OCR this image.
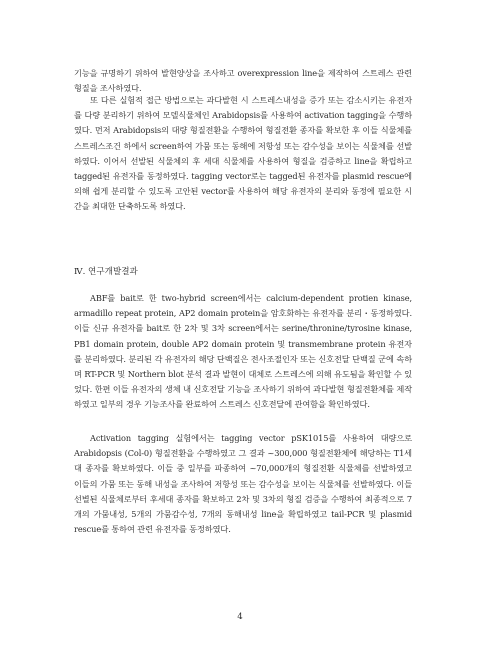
기능을 규명하기 위하여 발현양상을 조사하고 overexpression line을 제작하여 스트레스 관련 형질을 조사하였다.

또 다른 실험적 접근 방법으로는 과다발현 시 스트레스내성을 증가 또는 감소시키는 유전자를 다량 분리하기 위하여 모델식물체인 Arabidopsis를 사용하여 activation tagging을 수행하였다. 먼저 Arabidopsis의 대량 형질전환을 수행하여 형질전환 종자를 확보한 후 이들 식물체를 스트레스조건 하에서 screen하여 가뭄 또는 동해에 저항성 또는 감수성을 보이는 식물체를 선발하였다. 이어서 선발된 식물체의 후 세대 식물체를 사용하여 형질을 검증하고 line을 확립하고 tagged된 유전자를 동정하였다. tagging vector로는 tagged된 유전자를 plasmid rescue에 의해 쉽게 분리할 수 있도록 고안된 vector를 사용하여 해당 유전자의 분리와 동정에 필요한 시간을 최대한 단축하도록 하였다.

Ⅳ. 연구개발결과

ABF를 bait로 한 two-hybrid screen에서는 calcium-dependent protien kinase, armadillo repeat protein, AP2 domain protein을 암호화하는 유전자를 분리・동정하였다. 이들 신규 유전자를 bait로 한 2차 및 3차 screen에서는 serine/thronine/tyrosine kinase, PB1 domain protein, double AP2 domain protein 및 transmembrane protein 유전자를 분리하였다. 분리된 각 유전자의 해당 단백질은 전사조절인자 또는 신호전달 단백질 군에 속하며 RT-PCR 및 Northern blot 분석 결과 발현이 대체로 스트레스에 의해 유도됨을 확인할 수 있었다. 한편 이들 유전자의 생체 내 신호전달 기능을 조사하기 위하여 과다발현 형질전환체를 제작하였고 일부의 경우 기능조사를 완료하여 스트레스 신호전달에 관여함을 확인하였다.

Activation tagging 실험에서는 tagging vector pSK1015를 사용하여 대량으로 Arabidopsis (Col-0) 형질전환을 수행하였고 그 결과 ~300,000 형질전환체에 해당하는 T1세대 종자를 확보하였다. 이들 중 일부를 파종하여 ~70,000개의 형질전환 식물체를 선발하였고 이들의 가뭄 또는 동해 내성을 조사하여 저항성 또는 감수성을 보이는 식물체를 선발하였다. 이들 선별된 식물체로부터 후세대 종자를 확보하고 2차 및 3차의 형질 검증을 수행하여 최종적으로 7개의 가뭄내성, 5개의 가뭄감수성, 7개의 동해내성 line을 확립하였고 tail-PCR 및 plasmid rescue를 통하여 관련 유전자를 동정하였다.

4
